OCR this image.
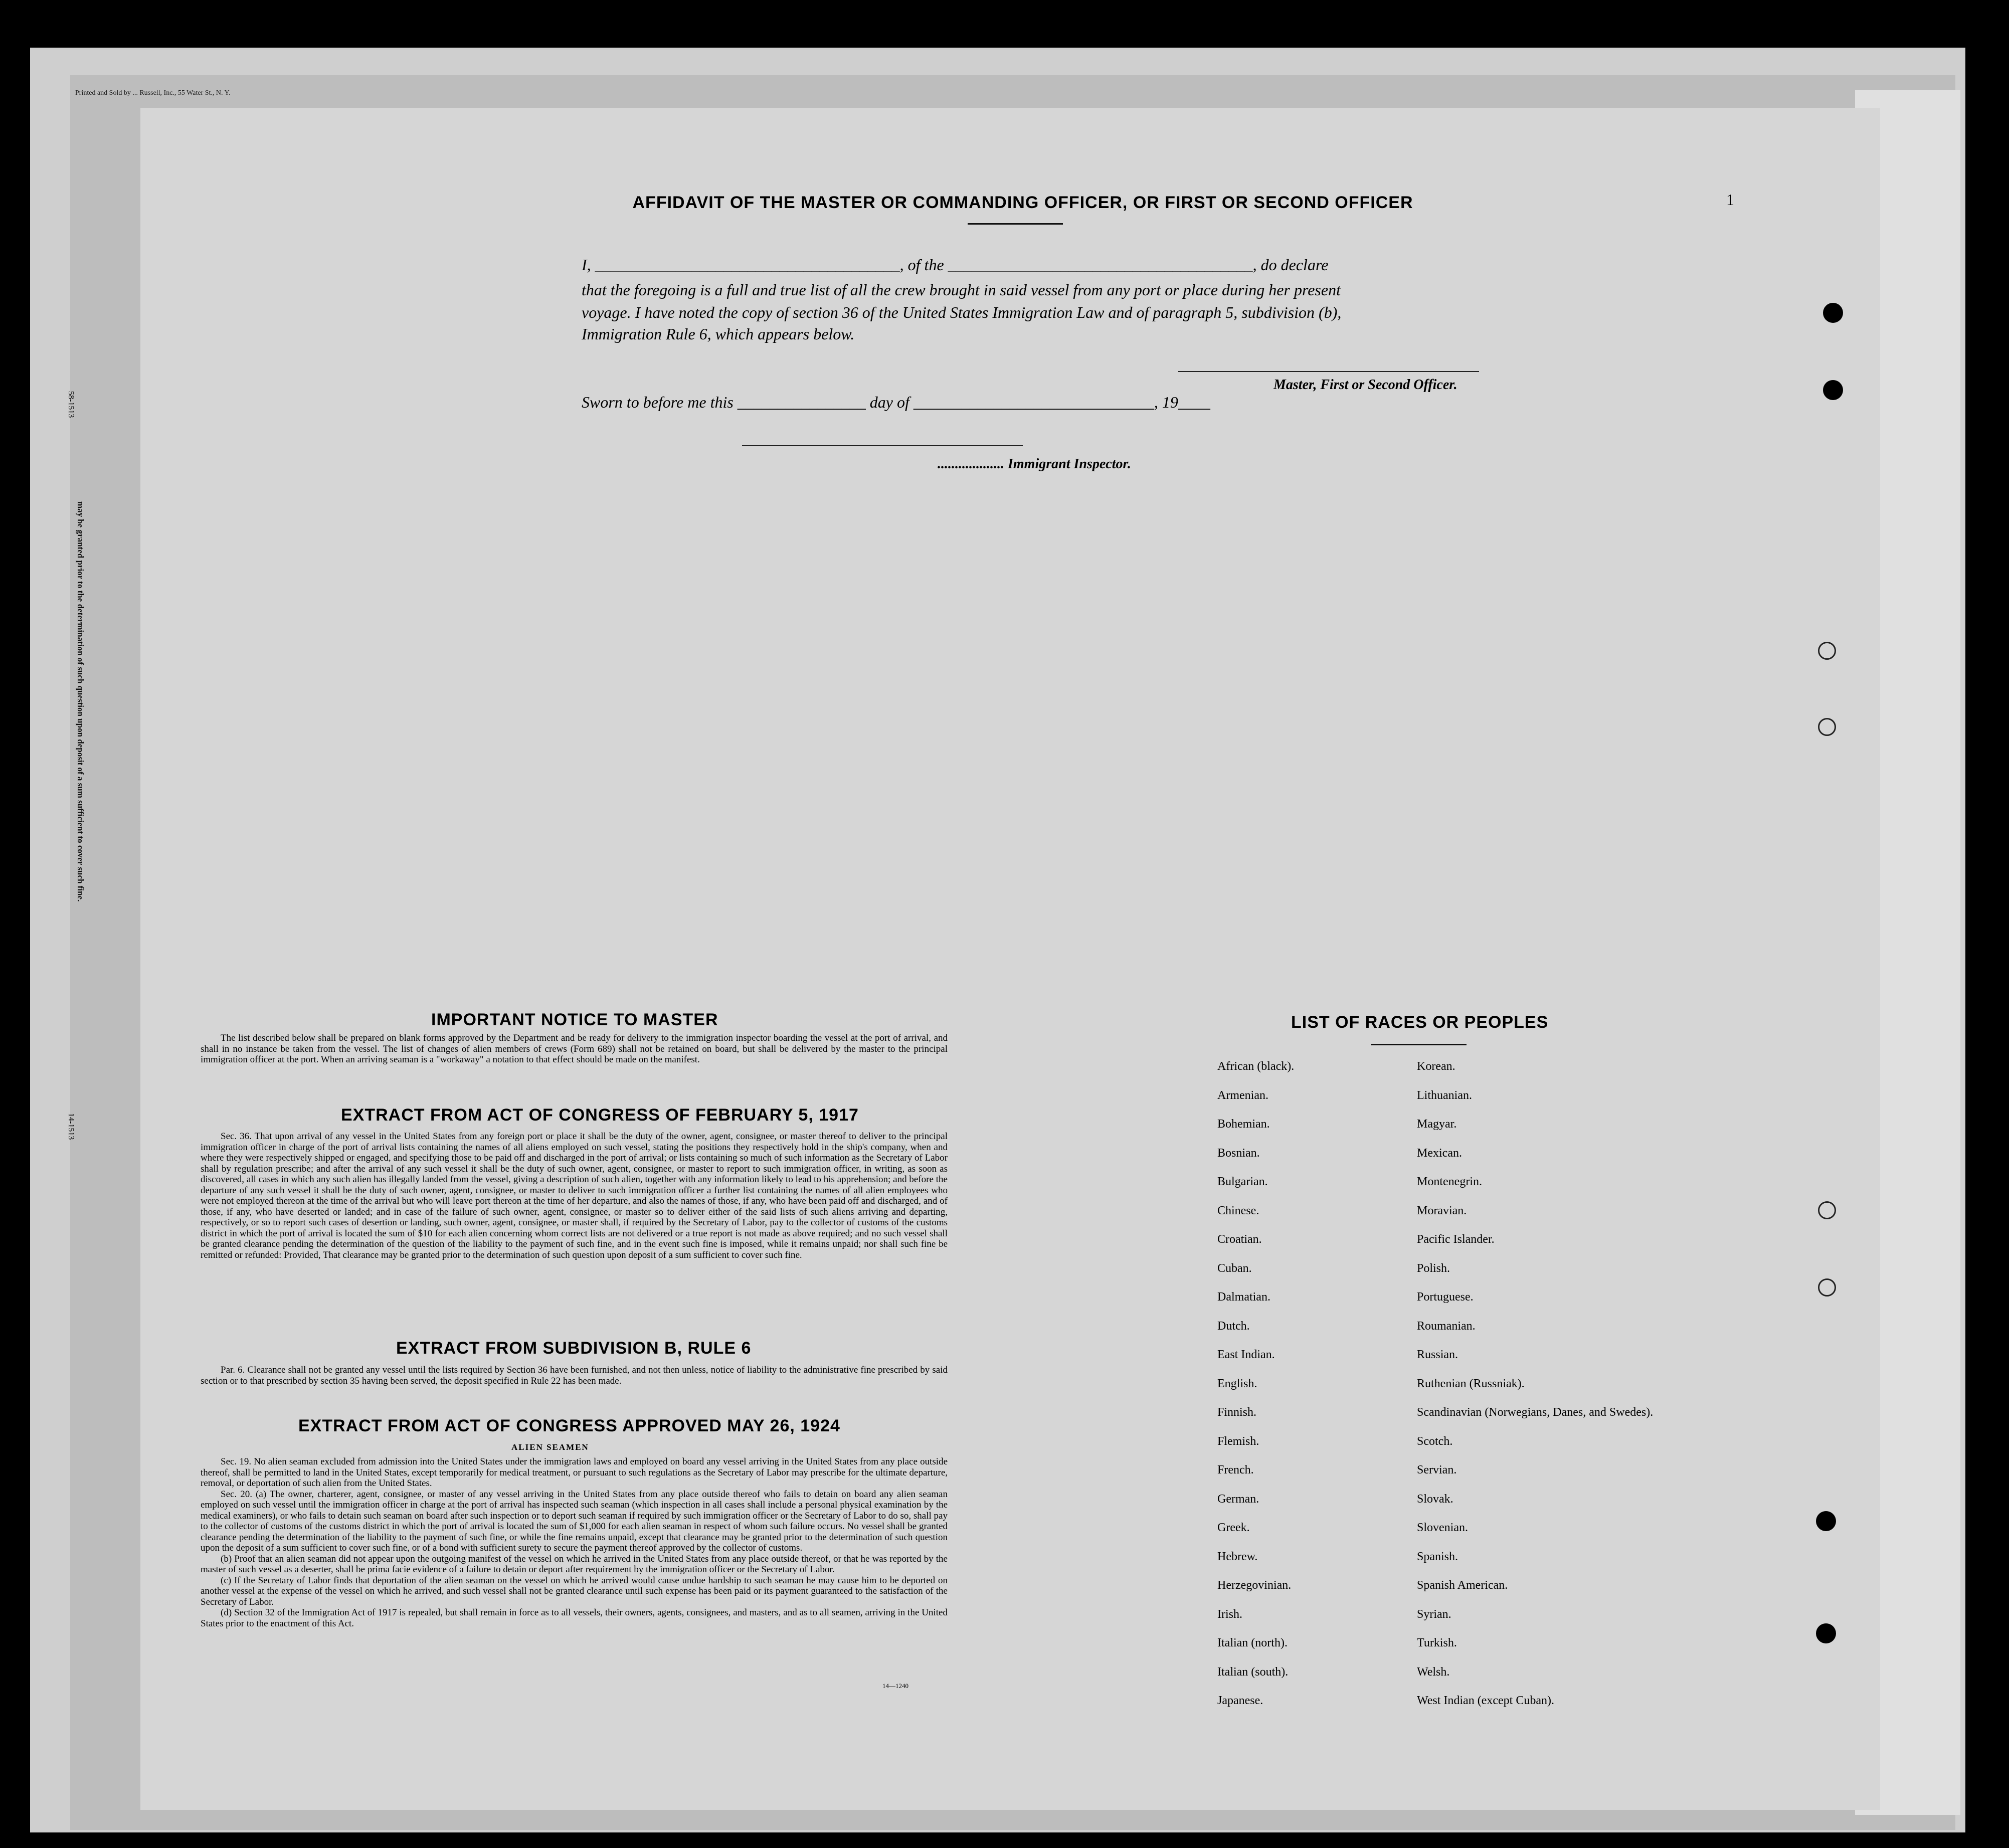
Printed and Sold by ... Russell, Inc., 55 Water St., N. Y.
58-1513
14-1513
may be granted prior to the determination of such question upon deposit of a sum sufficient to cover such fine.
1
AFFIDAVIT OF THE MASTER OR COMMANDING OFFICER, OR FIRST OR SECOND OFFICER
I, ______________________________________, of the ______________________________________, do declare
that the foregoing is a full and true list of all the crew brought in said vessel from any port or place during her present
voyage. I have noted the copy of section 36 of the United States Immigration Law and of paragraph 5, subdivision (b),
Immigration Rule 6, which appears below.
Master, First or Second Officer.
Sworn to before me this ________________ day of ______________________________, 19____
................... Immigrant Inspector.
IMPORTANT NOTICE TO MASTER

The list described below shall be prepared on blank forms approved by the Department and be ready for delivery to the immigration inspector boarding the vessel at the port of arrival, and shall in no instance be taken from the vessel. The list of changes of alien members of crews (Form 689) shall not be retained on board, but shall be delivered by the master to the principal immigration officer at the port. When an arriving seaman is a "workaway" a notation to that effect should be made on the manifest.

EXTRACT FROM ACT OF CONGRESS OF FEBRUARY 5, 1917

Sec. 36. That upon arrival of any vessel in the United States from any foreign port or place it shall be the duty of the owner, agent, consignee, or master thereof to deliver to the principal immigration officer in charge of the port of arrival lists containing the names of all aliens employed on such vessel, stating the positions they respectively hold in the ship's company, when and where they were respectively shipped or engaged, and specifying those to be paid off and discharged in the port of arrival; or lists containing so much of such information as the Secretary of Labor shall by regulation prescribe; and after the arrival of any such vessel it shall be the duty of such owner, agent, consignee, or master to report to such immigration officer, in writing, as soon as discovered, all cases in which any such alien has illegally landed from the vessel, giving a description of such alien, together with any information likely to lead to his apprehension; and before the departure of any such vessel it shall be the duty of such owner, agent, consignee, or master to deliver to such immigration officer a further list containing the names of all alien employees who were not employed thereon at the time of the arrival but who will leave port thereon at the time of her departure, and also the names of those, if any, who have been paid off and discharged, and of those, if any, who have deserted or landed; and in case of the failure of such owner, agent, consignee, or master so to deliver either of the said lists of such aliens arriving and departing, respectively, or so to report such cases of desertion or landing, such owner, agent, consignee, or master shall, if required by the Secretary of Labor, pay to the collector of customs of the customs district in which the port of arrival is located the sum of $10 for each alien concerning whom correct lists are not delivered or a true report is not made as above required; and no such vessel shall be granted clearance pending the determination of the question of the liability to the payment of such fine, and in the event such fine is imposed, while it remains unpaid; nor shall such fine be remitted or refunded: Provided, That clearance may be granted prior to the determination of such question upon deposit of a sum sufficient to cover such fine.

EXTRACT FROM SUBDIVISION B, RULE 6

Par. 6. Clearance shall not be granted any vessel until the lists required by Section 36 have been furnished, and not then unless, notice of liability to the administrative fine prescribed by said section or to that prescribed by section 35 having been served, the deposit specified in Rule 22 has been made.

EXTRACT FROM ACT OF CONGRESS APPROVED MAY 26, 1924
ALIEN SEAMEN

Sec. 19. No alien seaman excluded from admission into the United States under the immigration laws and employed on board any vessel arriving in the United States from any place outside thereof, shall be permitted to land in the United States, except temporarily for medical treatment, or pursuant to such regulations as the Secretary of Labor may prescribe for the ultimate departure, removal, or deportation of such alien from the United States.

Sec. 20. (a) The owner, charterer, agent, consignee, or master of any vessel arriving in the United States from any place outside thereof who fails to detain on board any alien seaman employed on such vessel until the immigration officer in charge at the port of arrival has inspected such seaman (which inspection in all cases shall include a personal physical examination by the medical examiners), or who fails to detain such seaman on board after such inspection or to deport such seaman if required by such immigration officer or the Secretary of Labor to do so, shall pay to the collector of customs of the customs district in which the port of arrival is located the sum of $1,000 for each alien seaman in respect of whom such failure occurs. No vessel shall be granted clearance pending the determination of the liability to the payment of such fine, or while the fine remains unpaid, except that clearance may be granted prior to the determination of such question upon the deposit of a sum sufficient to cover such fine, or of a bond with sufficient surety to secure the payment thereof approved by the collector of customs.

(b) Proof that an alien seaman did not appear upon the outgoing manifest of the vessel on which he arrived in the United States from any place outside thereof, or that he was reported by the master of such vessel as a deserter, shall be prima facie evidence of a failure to detain or deport after requirement by the immigration officer or the Secretary of Labor.

(c) If the Secretary of Labor finds that deportation of the alien seaman on the vessel on which he arrived would cause undue hardship to such seaman he may cause him to be deported on another vessel at the expense of the vessel on which he arrived, and such vessel shall not be granted clearance until such expense has been paid or its payment guaranteed to the satisfaction of the Secretary of Labor.

(d) Section 32 of the Immigration Act of 1917 is repealed, but shall remain in force as to all vessels, their owners, agents, consignees, and masters, and as to all seamen, arriving in the United States prior to the enactment of this Act.

14—1240
LIST OF RACES OR PEOPLES
African (black).
Armenian.
Bohemian.
Bosnian.
Bulgarian.
Chinese.
Croatian.
Cuban.
Dalmatian.
Dutch.
East Indian.
English.
Finnish.
Flemish.
French.
German.
Greek.
Hebrew.
Herzegovinian.
Irish.
Italian (north).
Italian (south).
Japanese.
Korean.
Lithuanian.
Magyar.
Mexican.
Montenegrin.
Moravian.
Pacific Islander.
Polish.
Portuguese.
Roumanian.
Russian.
Ruthenian (Russniak).
Scandinavian (Norwegians, Danes, and Swedes).
Scotch.
Servian.
Slovak.
Slovenian.
Spanish.
Spanish American.
Syrian.
Turkish.
Welsh.
West Indian (except Cuban).
